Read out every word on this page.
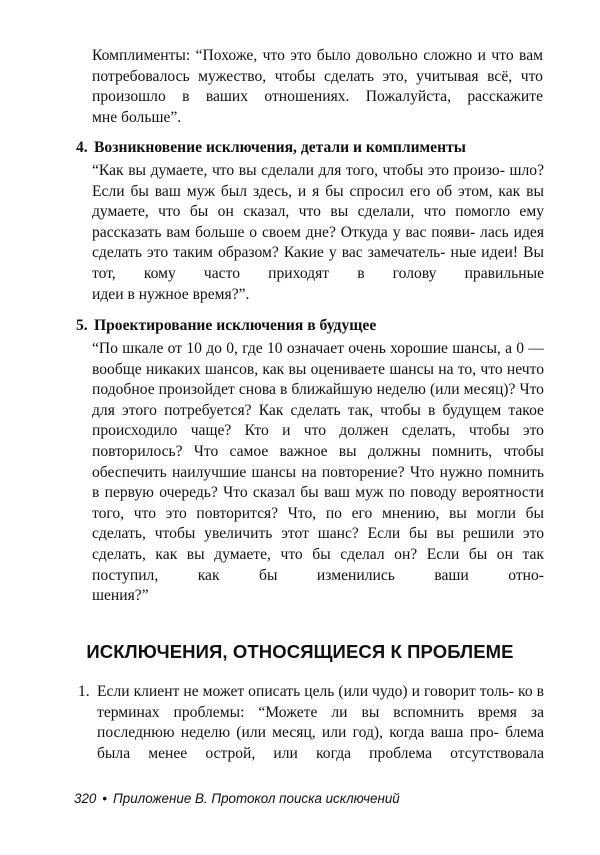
Комплименты: “Похоже, что это было довольно сложно и что вам потребовалось мужество, чтобы сделать это, учитывая всё, что произошло в ваших отношениях. Пожалуйста, расскажите
мне больше”.
4. Возникновение исключения, детали и комплименты
“Как вы думаете, что вы сделали для того, чтобы это произо- шло? Если бы ваш муж был здесь, и я бы спросил его об этом, как вы думаете, что бы он сказал, что вы сделали, что помогло ему рассказать вам больше о своем дне? Откуда у вас появи- лась идея сделать это таким образом? Какие у вас замечатель- ные идеи! Вы тот, кому часто приходят в голову правильные
идеи в нужное время?”.
5. Проектирование исключения в будущее
“По шкале от 10 до 0, где 10 означает очень хорошие шансы, а 0 — вообще никаких шансов, как вы оцениваете шансы на то, что нечто подобное произойдет снова в ближайшую неделю (или месяц)? Что для этого потребуется? Как сделать так, чтобы в будущем такое происходило чаще? Кто и что должен сделать, чтобы это повторилось? Что самое важное вы должны помнить, чтобы обеспечить наилучшие шансы на повторение? Что нужно помнить в первую очередь? Что сказал бы ваш муж по поводу вероятности того, что это повторится? Что, по его мнению, вы могли бы сделать, чтобы увеличить этот шанс? Если бы вы решили это сделать, как вы думаете, что бы сделал он? Если бы он так поступил, как бы изменились ваши отно-
шения?”
ИСКЛЮЧЕНИЯ, ОТНОСЯЩИЕСЯ К ПРОБЛЕМЕ
1. Если клиент не может описать цель (или чудо) и говорит толь- ко в терминах проблемы: “Можете ли вы вспомнить время за последнюю неделю (или месяц, или год), когда ваша про- блема была менее острой, или когда проблема отсутствовала
320 • Приложение В. Протокол поиска исключений
